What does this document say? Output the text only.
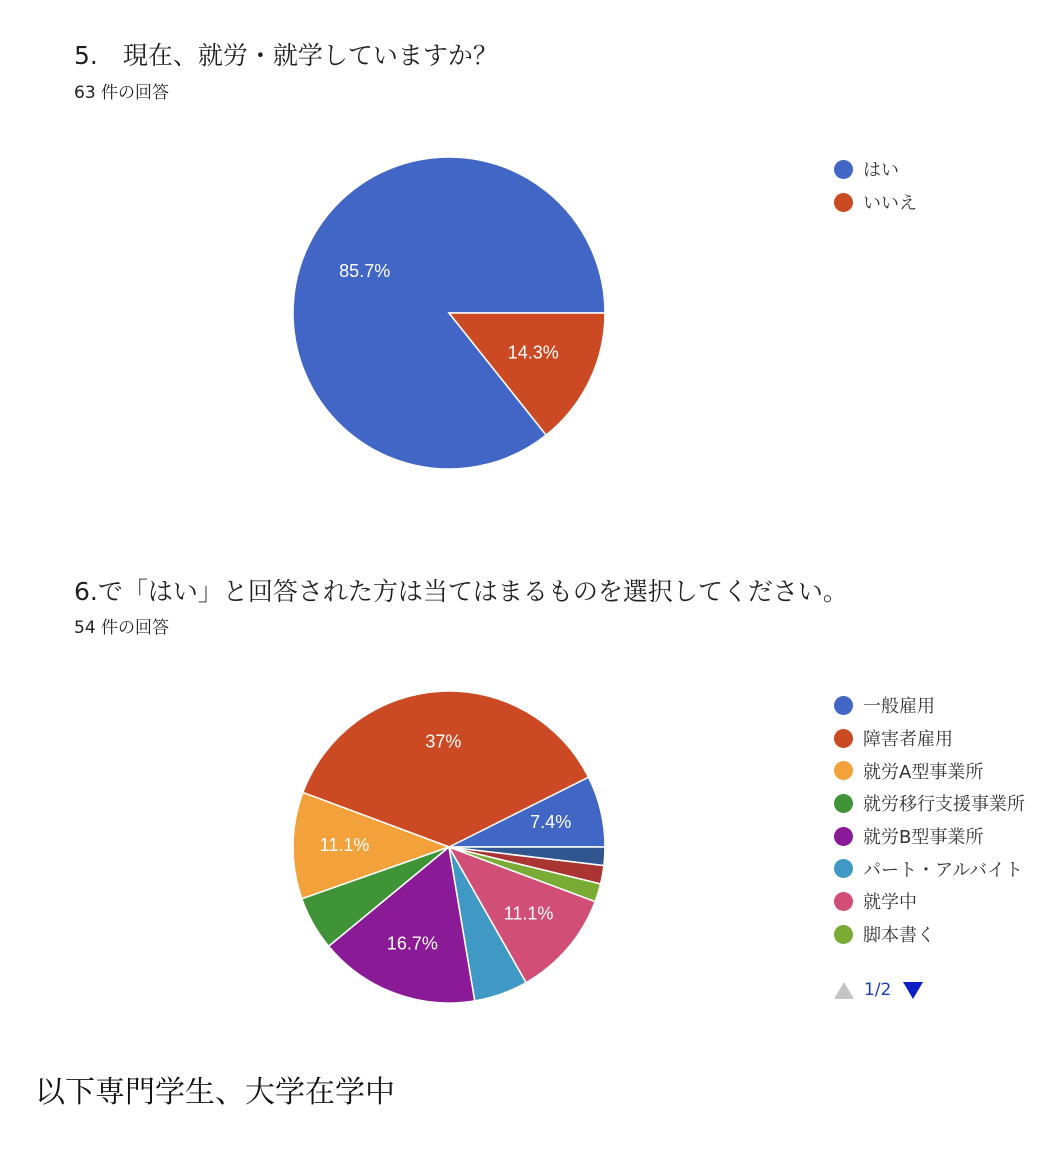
5.　現在、就労・就学していますか？

63 件の回答

85.7%
14.3%
はい
いいえ
6.で「はい」と回答された方は当てはまるものを選択してください。

54 件の回答

7.4%
37%
11.1%
16.7%
11.1%
一般雇用
障害者雇用
就労A型事業所
就労移行支援事業所
就労B型事業所
パート・アルバイト
就学中
脚本書く
1/2

以下専門学生、大学在学中
